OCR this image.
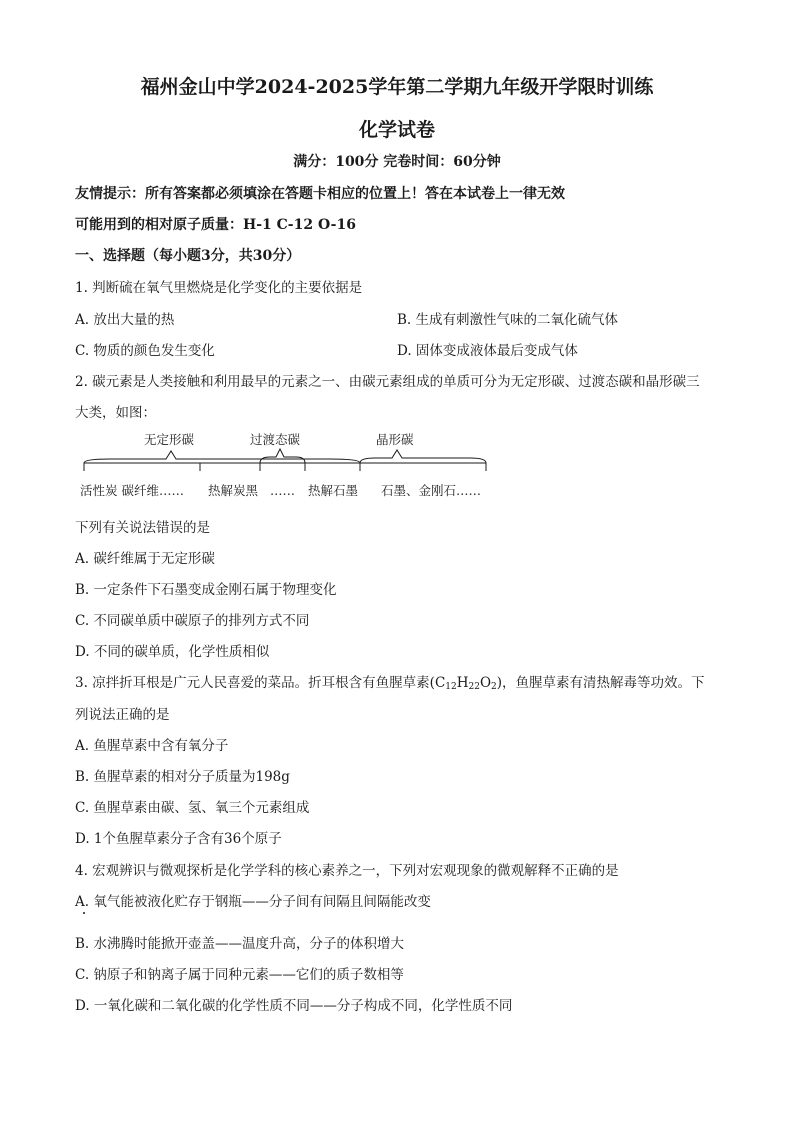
福州金山中学2024-2025学年第二学期九年级开学限时训练
化学试卷
满分：100分 完卷时间：60分钟
友情提示：所有答案都必须填涂在答题卡相应的位置上！答在本试卷上一律无效
可能用到的相对原子质量：H-1 C-12 O-16
一、选择题（每小题3分，共30分）
1. 判断硫在氧气里燃烧是化学变化的主要依据是
A. 放出大量的热	B. 生成有刺激性气味的二氧化硫气体
C. 物质的颜色发生变化	D. 固体变成液体最后变成气体
2. 碳元素是人类接触和利用最早的元素之一、由碳元素组成的单质可分为无定形碳、过渡态碳和晶形碳三
大类，如图：
无定形碳	过渡态碳	晶形碳
活性炭 碳纤维…… 热解炭黑 …… 热解石墨 石墨、金刚石……
下列有关说法错误的是
A. 碳纤维属于无定形碳
B. 一定条件下石墨变成金刚石属于物理变化
C. 不同碳单质中碳原子的排列方式不同
D. 不同的碳单质，化学性质相似
3. 凉拌折耳根是广元人民喜爱的菜品。折耳根含有鱼腥草素$(C_{12}H_{22}O_2)$，鱼腥草素有清热解毒等功效。下
列说法正确的是
A. 鱼腥草素中含有氧分子
B. 鱼腥草素的相对分子质量为198g
C. 鱼腥草素由碳、氢、氧三个元素组成
D. 1个鱼腥草素分子含有36个原子
4. 宏观辨识与微观探析是化学学科的核心素养之一，下列对宏观现象的微观解释不正确的是
A. 氧气能被液化贮存于钢瓶——分子间有间隔且间隔能改变
B. 水沸腾时能掀开壶盖——温度升高，分子的体积增大
C. 钠原子和钠离子属于同种元素——它们的质子数相等
D. 一氧化碳和二氧化碳的化学性质不同——分子构成不同，化学性质不同
